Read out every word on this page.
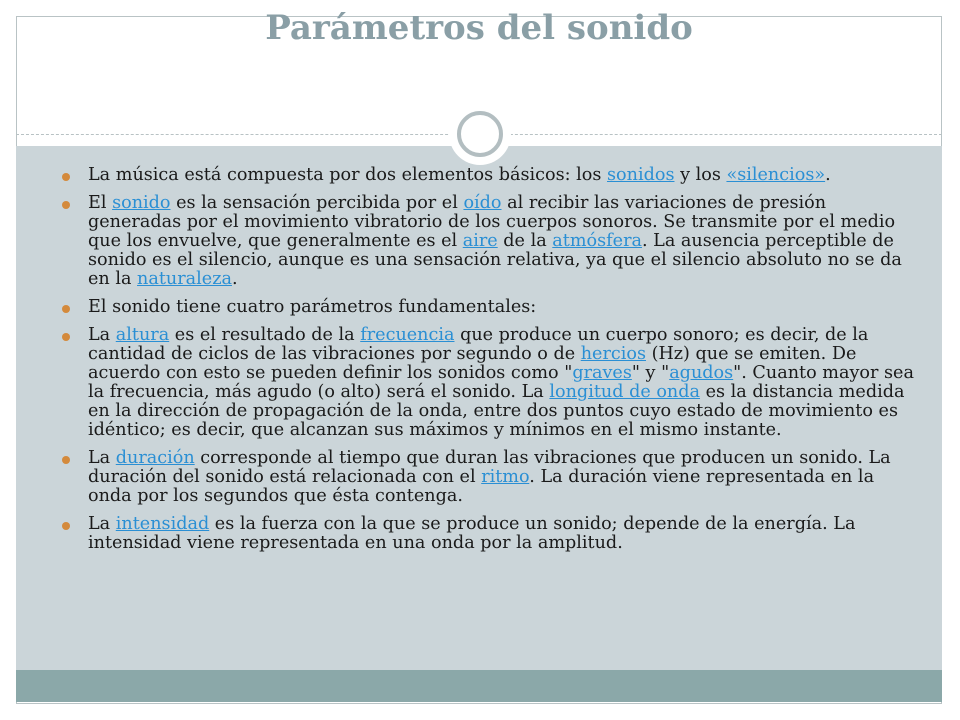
Parámetros del sonido
La música está compuesta por dos elementos básicos: los sonidos y los «silencios».
El sonido es la sensación percibida por el oído al recibir las variaciones de presión generadas por el movimiento vibratorio de los cuerpos sonoros. Se transmite por el medio que los envuelve, que generalmente es el aire de la atmósfera. La ausencia perceptible de sonido es el silencio, aunque es una sensación relativa, ya que el silencio absoluto no se da en la naturaleza.
El sonido tiene cuatro parámetros fundamentales:
La altura es el resultado de la frecuencia que produce un cuerpo sonoro; es decir, de la cantidad de ciclos de las vibraciones por segundo o de hercios (Hz) que se emiten. De acuerdo con esto se pueden definir los sonidos como "graves" y "agudos". Cuanto mayor sea la frecuencia, más agudo (o alto) será el sonido. La longitud de onda es la distancia medida en la dirección de propagación de la onda, entre dos puntos cuyo estado de movimiento es idéntico; es decir, que alcanzan sus máximos y mínimos en el mismo instante.
La duración corresponde al tiempo que duran las vibraciones que producen un sonido. La duración del sonido está relacionada con el ritmo. La duración viene representada en la onda por los segundos que ésta contenga.
La intensidad es la fuerza con la que se produce un sonido; depende de la energía. La intensidad viene representada en una onda por la amplitud.
